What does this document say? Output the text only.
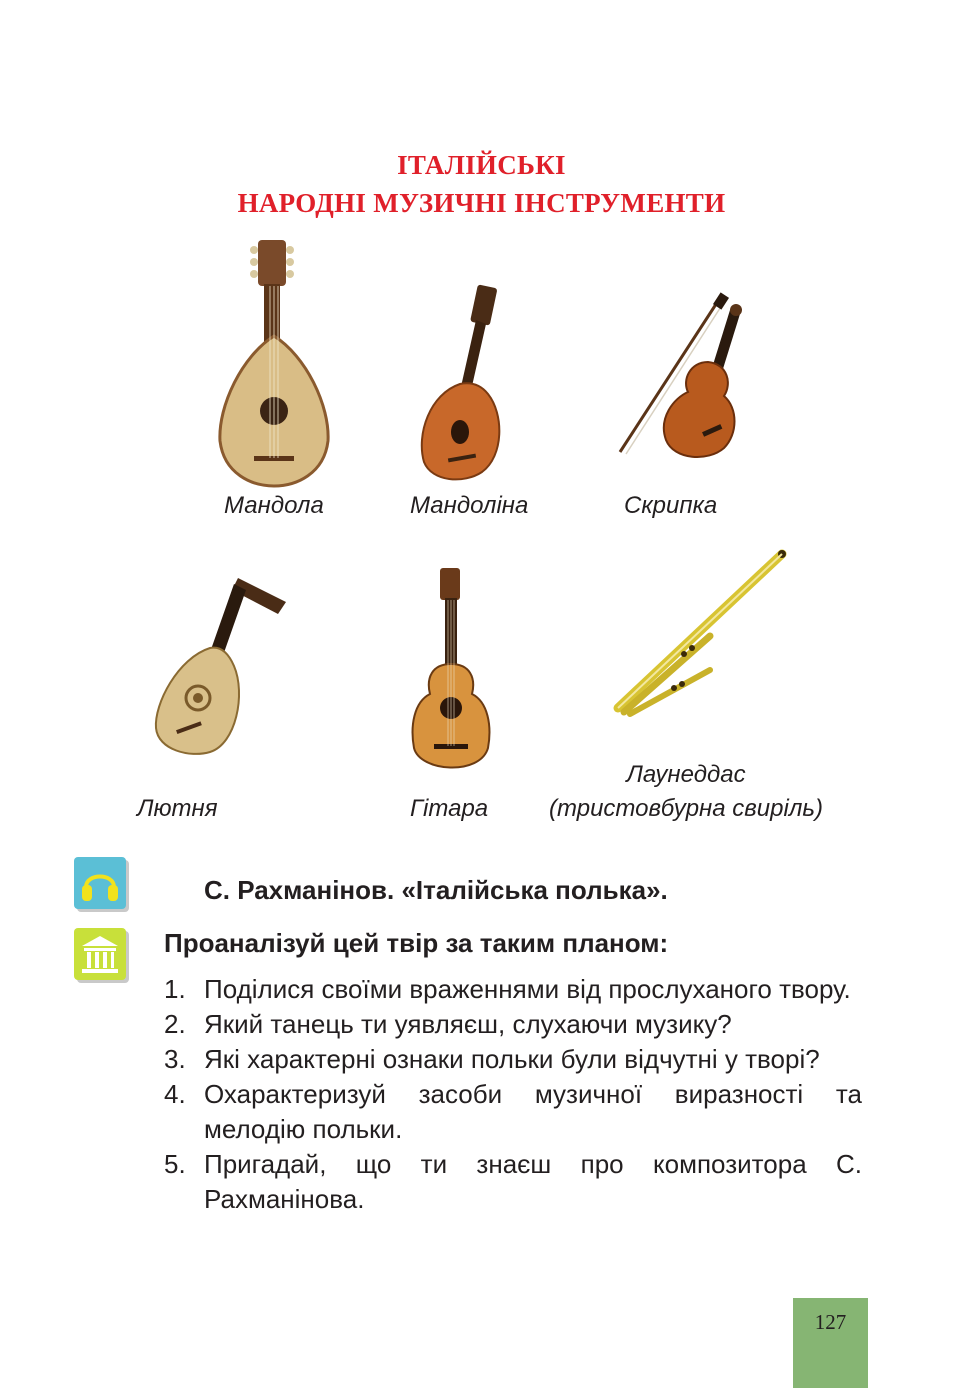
ІТАЛІЙСЬКІ
НАРОДНІ МУЗИЧНІ ІНСТРУМЕНТИ
Мандола	Мандоліна	Скрипка
Лютня	Гітара
Лаунеддас
(тристовбурна свиріль)
С. Рахманінов. «Італійська полька».
Проаналізуй цей твір за таким планом:
1. Поділися своїми враженнями від прослуханого твору.
2. Який танець ти уявляєш, слухаючи музику?
3. Які характерні ознаки польки були відчутні у творі?
4. Охарактеризуй засоби музичної виразності та мелодію польки.
5. Пригадай, що ти знаєш про композитора С. Рахманінова.
127
